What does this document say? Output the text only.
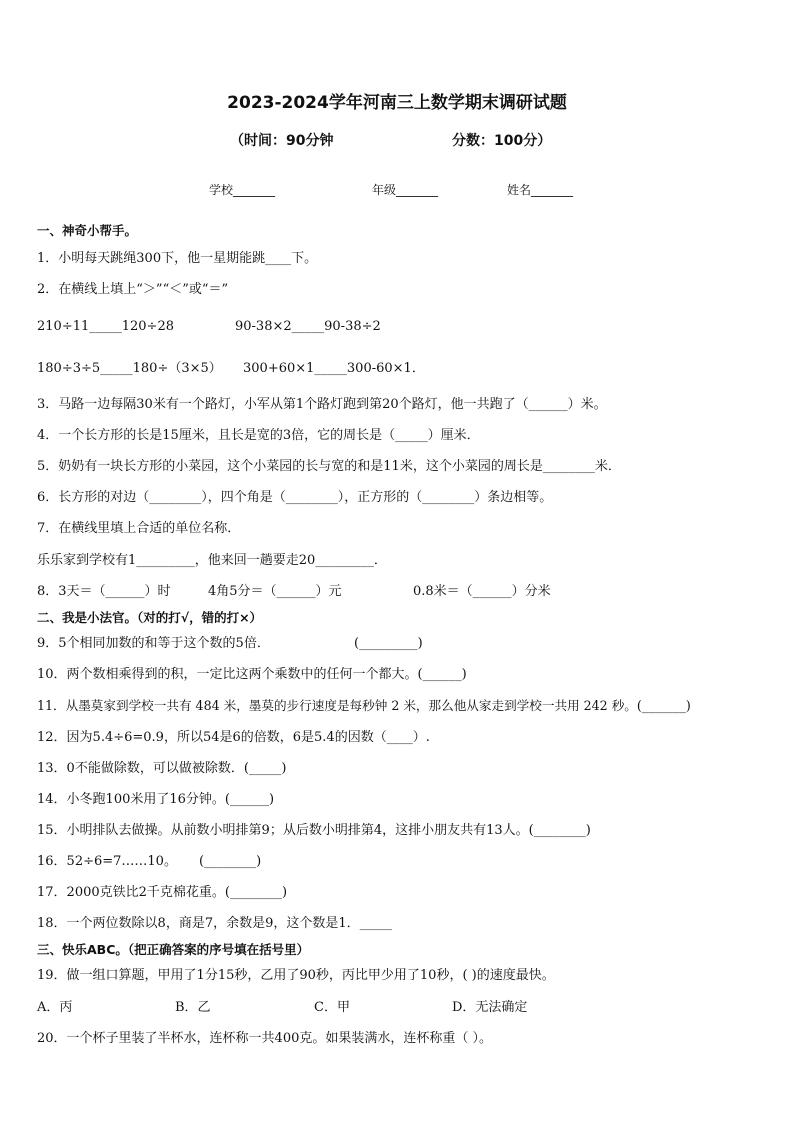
2023-2024学年河南三上数学期末调研试题
（时间：90分钟	分数：100分）
学校_______	年级_______	姓名_______
一、神奇小帮手。
1．小明每天跳绳300下，他一星期能跳____下。
2．在横线上填上“＞”“＜”或“＝”
210÷11_____120÷28	90-38×2_____90-38÷2
180÷3÷5_____180÷（3×5） 300+60×1_____300-60×1．
3．马路一边每隔30米有一个路灯，小军从第1个路灯跑到第20个路灯，他一共跑了（______）米。
4．一个长方形的长是15厘米，且长是宽的3倍，它的周长是（_____）厘米．
5．奶奶有一块长方形的小菜园，这个小菜园的长与宽的和是11米，这个小菜园的周长是________米．
6．长方形的对边（________），四个角是（________），正方形的（________）条边相等。
7．在横线里填上合适的单位名称．
乐乐家到学校有1_________，他来回一趟要走20_________．
8．3天＝（______）时	4角5分＝（______）元	0.8米＝（______）分米
二、我是小法官。（对的打√，错的打×）
9．5个相同加数的和等于这个数的5倍．	(_________)
10．两个数相乘得到的积，一定比这两个乘数中的任何一个都大。(______)
11．从墨莫家到学校一共有 484 米，墨莫的步行速度是每秒钟 2 米，那么他从家走到学校一共用 242 秒。(_______)
12．因为5.4÷6=0.9，所以54是6的倍数，6是5.4的因数（____）.
13．0不能做除数，可以做被除数．(_____)
14．小冬跑100米用了16分钟。(______)
15．小明排队去做操。从前数小明排第9；从后数小明排第4，这排小朋友共有13人。(________)
16．52÷6=7……10。 (________)
17．2000克铁比2千克棉花重。(________)
18．一个两位数除以8，商是7，余数是9，这个数是1．_____
三、快乐ABC。（把正确答案的序号填在括号里）
19．做一组口算题，甲用了1分15秒，乙用了90秒，丙比甲少用了10秒，( )的速度最快。
A．丙	B．乙	C．甲	D．无法确定
20．一个杯子里装了半杯水，连杯称一共400克。如果装满水，连杯称重（ ）。
